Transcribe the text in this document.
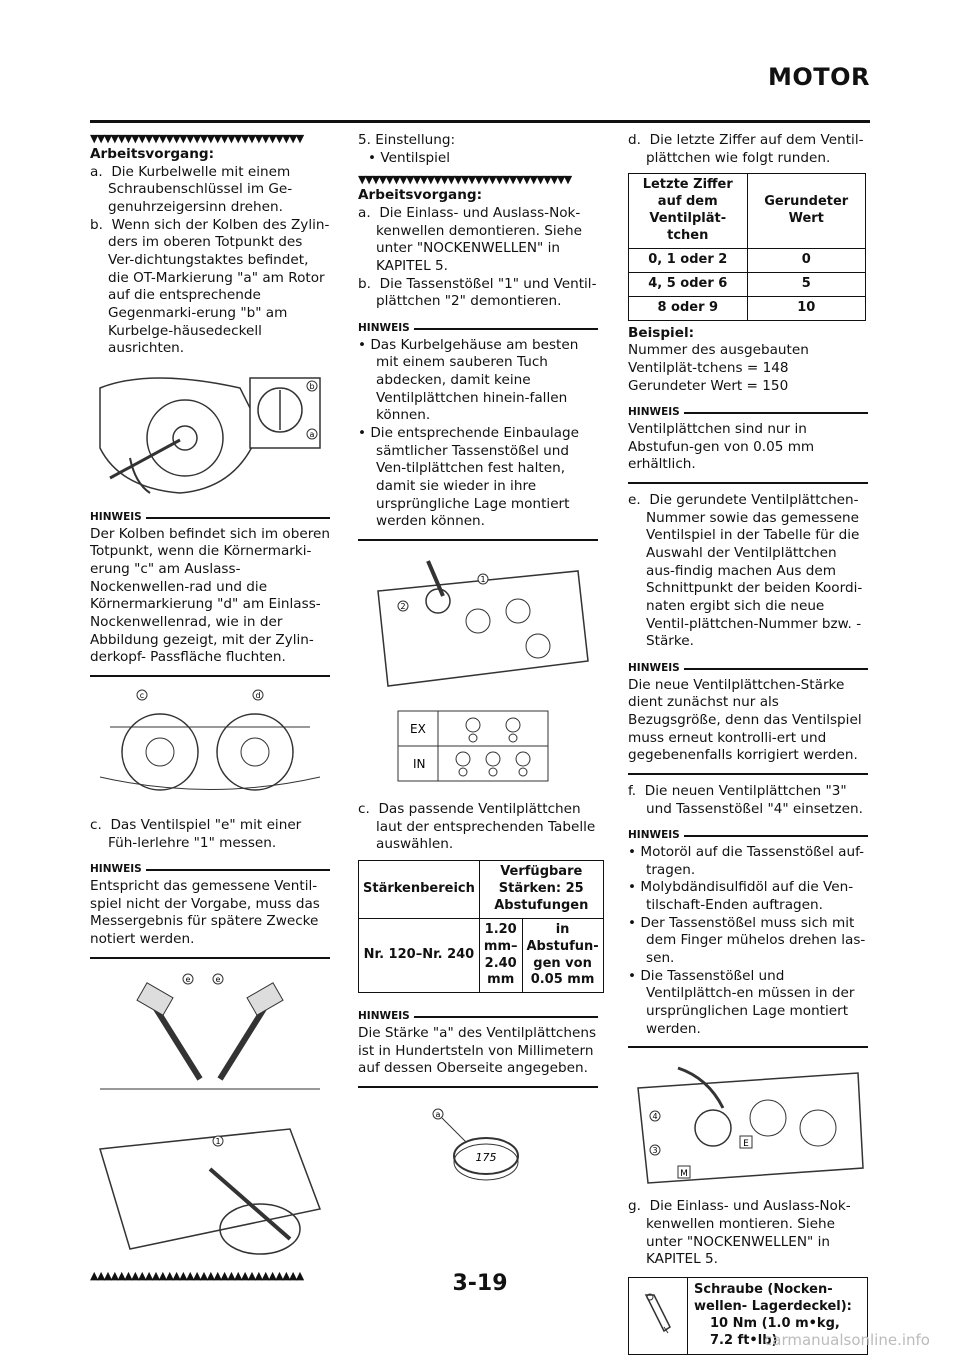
MOTOR
▼▼▼▼▼▼▼▼▼▼▼▼▼▼▼▼▼▼▼▼▼▼▼▼▼▼▼▼▼▼▼

Arbeitsvorgang:

a. Die Kurbelwelle mit einem Schraubenschlüssel im Ge-genuhrzeigersinn drehen.

b. Wenn sich der Kolben des Zylin-ders im oberen Totpunkt des Ver-dichtungstaktes befindet, die OT-Markierung "a" am Rotor auf die entsprechende Gegenmarki-erung "b" am Kurbelge-häusedeckell ausrichten.

b
a
HINWEIS

Der Kolben befindet sich im oberen Totpunkt, wenn die Körnermarki-erung "c" am Auslass- Nockenwellen-rad und die Körnermarkierung "d" am Einlass- Nockenwellenrad, wie in der Abbildung gezeigt, mit der Zylin-derkopf- Passfläche fluchten.

c	d

c. Das Ventilspiel "e" mit einer Füh-lerlehre "1" messen.

HINWEIS

Entspricht das gemessene Ventil-spiel nicht der Vorgabe, muss das Messergebnis für spätere Zwecke notiert werden.

e	e
1
▲▲▲▲▲▲▲▲▲▲▲▲▲▲▲▲▲▲▲▲▲▲▲▲▲▲▲▲▲▲▲

5. Einstellung:

• Ventilspiel

▼▼▼▼▼▼▼▼▼▼▼▼▼▼▼▼▼▼▼▼▼▼▼▼▼▼▼▼▼▼▼

Arbeitsvorgang:

a. Die Einlass- und Auslass-Nok-kenwellen demontieren. Siehe unter "NOCKENWELLEN" in KAPITEL 5.

b. Die Tassenstößel "1" und Ventil-plättchen "2" demontieren.

HINWEIS

• Das Kurbelgehäuse am besten mit einem sauberen Tuch abdecken, damit keine Ventilplättchen hinein-fallen können.

• Die entsprechende Einbaulage sämtlicher Tassenstößel und Ven-tilplättchen fest halten, damit sie wieder in ihre ursprüngliche Lage montiert werden können.

1
2
EX
IN

c. Das passende Ventilplättchen laut der entsprechenden Tabelle auswählen.

Stärkenbereich	Verfügbare Stärken: 25 Abstufungen	
Nr. 120–Nr. 240	1.20 mm–2.40 mm	in Abstufun-gen von 0.05 mm
HINWEIS

Die Stärke "a" des Ventilplättchens ist in Hundertsteln von Millimetern auf dessen Oberseite angegeben.

a
175

d. Die letzte Ziffer auf dem Ventil-plättchen wie folgt runden.

Letzte Ziffer auf dem Ventilplät-tchen	Gerundeter Wert
0, 1 oder 2	0
4, 5 oder 6	5
8 oder 9	10

Beispiel:

Nummer des ausgebauten Ventilplät-tchens = 148

Gerundeter Wert = 150

HINWEIS

Ventilplättchen sind nur in Abstufun-gen von 0.05 mm erhältlich.

e. Die gerundete Ventilplättchen-Nummer sowie das gemessene Ventilspiel in der Tabelle für die Auswahl der Ventilplättchen aus-findig machen Aus dem Schnittpunkt der beiden Koordi-naten ergibt sich die neue Ventil-plättchen-Nummer bzw. -Stärke.

HINWEIS

Die neue Ventilplättchen-Stärke dient zunächst nur als Bezugsgröße, denn das Ventilspiel muss erneut kontrolli-ert und gegebenenfalls korrigiert werden.

f. Die neuen Ventilplättchen "3" und Tassenstößel "4" einsetzen.

HINWEIS

• Motoröl auf die Tassenstößel auf-tragen.

• Molybdändisulfidöl auf die Ven-tilschaft-Enden auftragen.

• Der Tassenstößel muss sich mit dem Finger mühelos drehen las-sen.

• Die Tassenstößel und Ventilplättch-en müssen in der ursprünglichen Lage montiert werden.

4
3
E
M

g. Die Einlass- und Auslass-Nok-kenwellen montieren. Siehe unter "NOCKENWELLEN" in KAPITEL 5.

Schraube (Nocken-wellen- Lagerdeckel):
10 Nm (1.0 m•kg, 7.2 ft•lb)
3-19
carmanualsonline.info
